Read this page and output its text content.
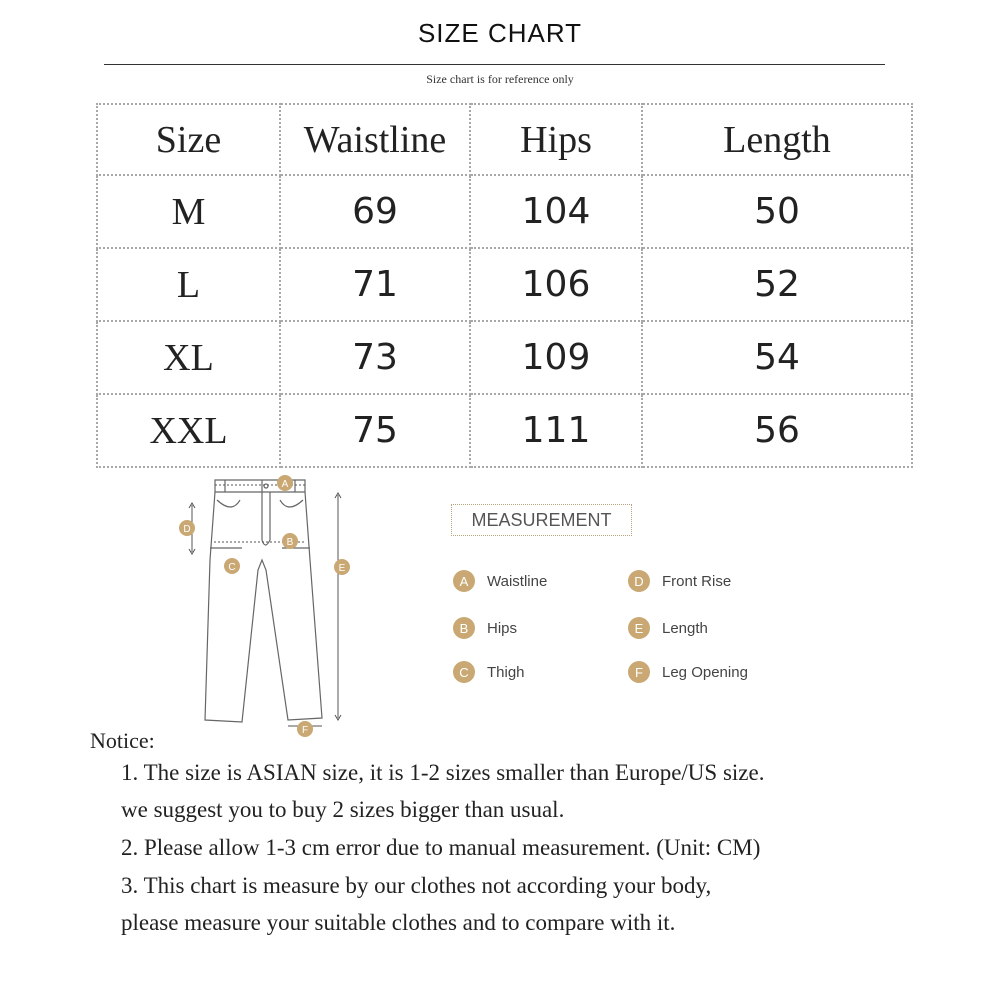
SIZE CHART
Size chart is for reference only
Size	Waistline	Hips	Length
M	69	104	50
L	71	106	52
XL	73	109	54
XXL	75	111	56
A
B
C
D
E
F
MEASUREMENT
A	Waistline
B	Hips
C	Thigh
D	Front Rise
E	Length
F	Leg Opening
Notice:
1. The size is ASIAN size, it is 1-2 sizes smaller than Europe/US size.
we suggest you to buy 2 sizes bigger than usual.
2. Please allow 1-3 cm error due to manual measurement. (Unit: CM)
3. This chart is measure by our clothes not according your body,
please measure your suitable clothes and to compare with it.
